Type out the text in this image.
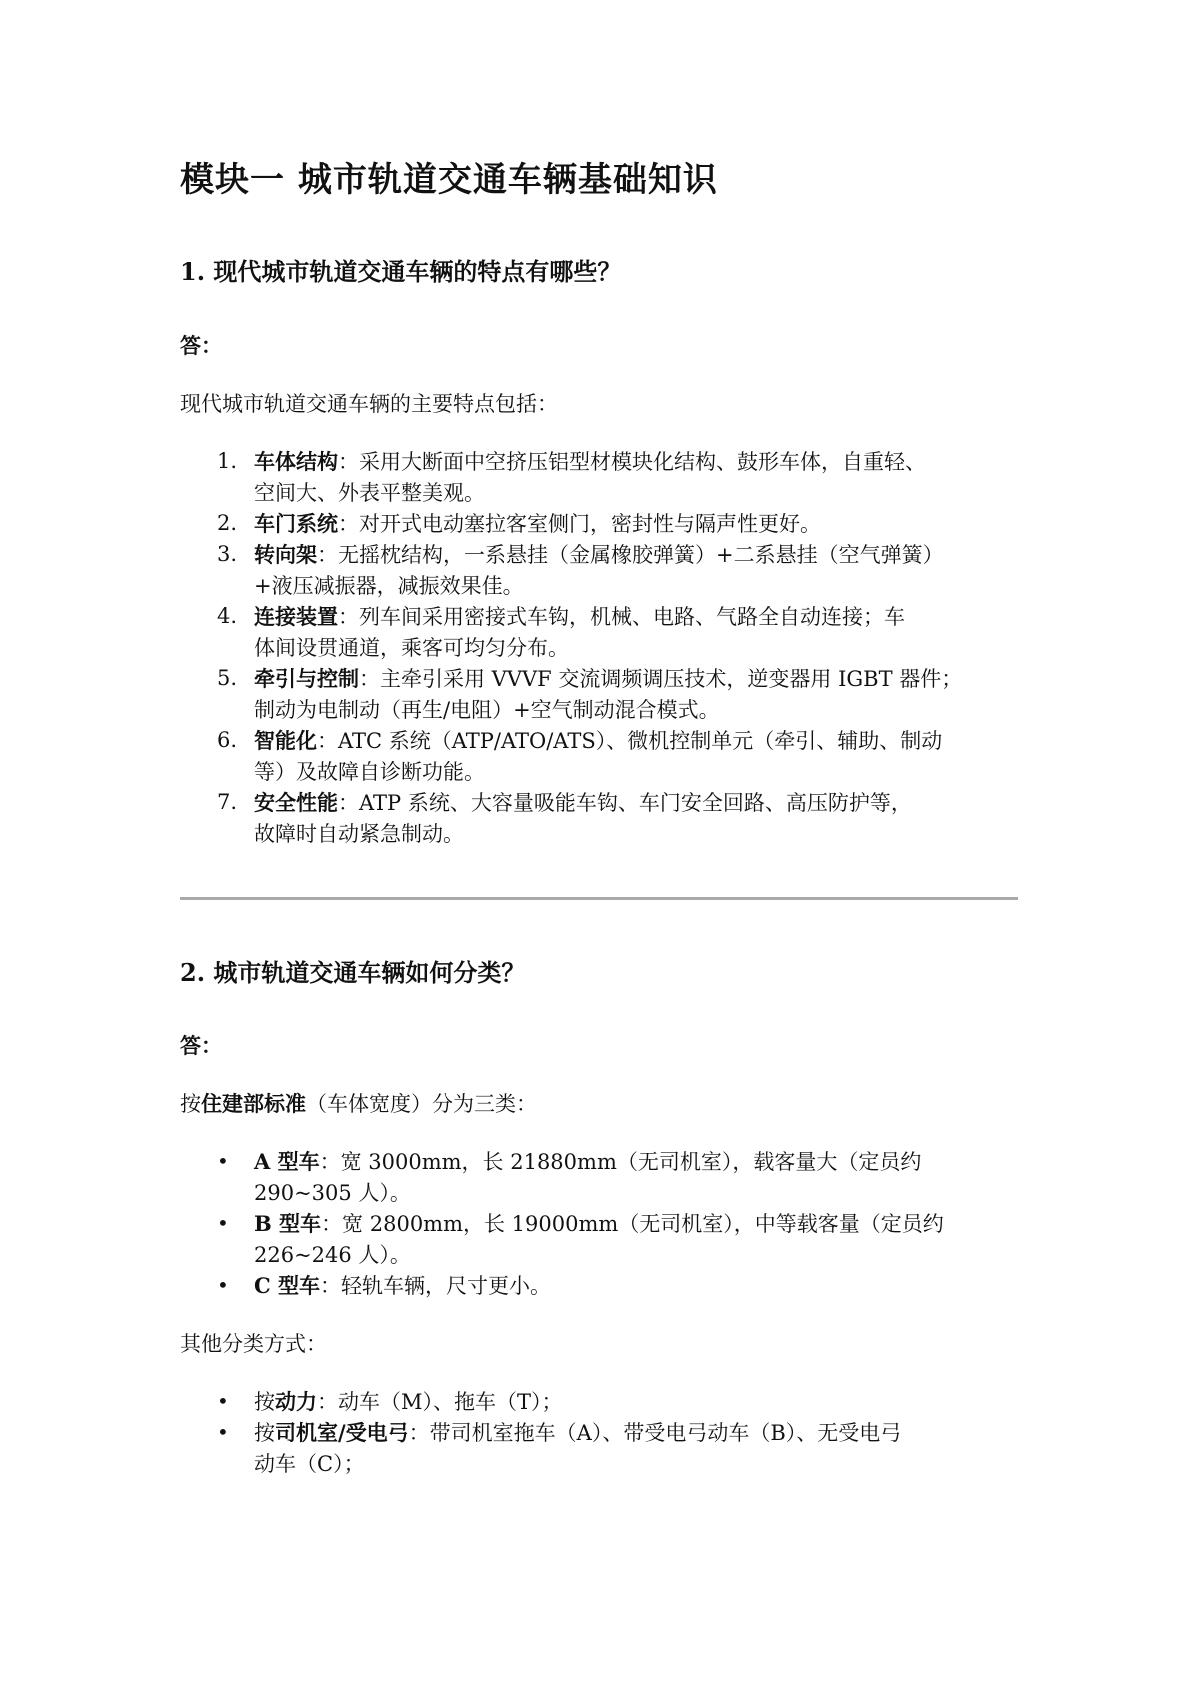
模块一 城市轨道交通车辆基础知识
1. 现代城市轨道交通车辆的特点有哪些？
答：
现代城市轨道交通车辆的主要特点包括：
1. 车体结构：采用大断面中空挤压铝型材模块化结构、鼓形车体，自重轻、
空间大、外表平整美观。
2. 车门系统：对开式电动塞拉客室侧门，密封性与隔声性更好。
3. 转向架：无摇枕结构，一系悬挂（金属橡胶弹簧）+二系悬挂（空气弹簧）
+液压减振器，减振效果佳。
4. 连接装置：列车间采用密接式车钩，机械、电路、气路全自动连接；车
体间设贯通道，乘客可均匀分布。
5. 牵引与控制：主牵引采用 VVVF 交流调频调压技术，逆变器用 IGBT 器件；
制动为电制动（再生/电阻）+空气制动混合模式。
6. 智能化：ATC 系统（ATP/ATO/ATS）、微机控制单元（牵引、辅助、制动
等）及故障自诊断功能。
7. 安全性能：ATP 系统、大容量吸能车钩、车门安全回路、高压防护等，
故障时自动紧急制动。
2. 城市轨道交通车辆如何分类？
答：
按住建部标准（车体宽度）分为三类：
• A 型车：宽 3000mm，长 21880mm（无司机室），载客量大（定员约
290~305 人）。
• B 型车：宽 2800mm，长 19000mm（无司机室），中等载客量（定员约
226~246 人）。
• C 型车：轻轨车辆，尺寸更小。
其他分类方式：
• 按动力：动车（M）、拖车（T）；
• 按司机室/受电弓：带司机室拖车（A）、带受电弓动车（B）、无受电弓
动车（C）；
